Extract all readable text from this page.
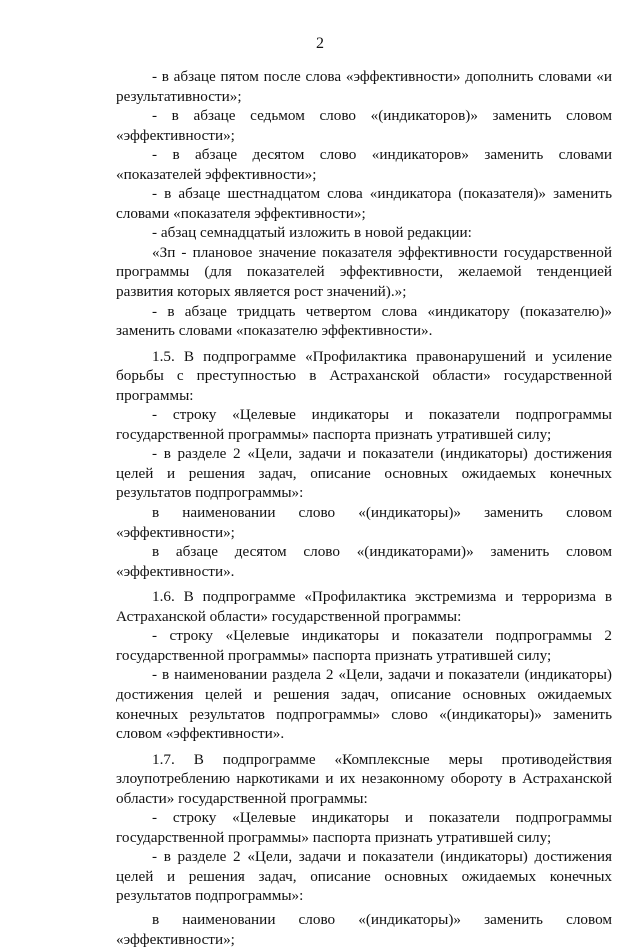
2

- в абзаце пятом после слова «эффективности» дополнить словами «и результативности»;

- в абзаце седьмом слово «(индикаторов)» заменить словом «эффективности»;

- в абзаце десятом слово «индикаторов» заменить словами «показателей эффективности»;

- в абзаце шестнадцатом слова «индикатора (показателя)» заменить словами «показателя эффективности»;

- абзац семнадцатый изложить в новой редакции:

«Зп - плановое значение показателя эффективности государственной программы (для показателей эффективности, желаемой тенденцией развития которых является рост значений).»;

- в абзаце тридцать четвертом слова «индикатору (показателю)» заменить словами «показателю эффективности».

1.5. В подпрограмме «Профилактика правонарушений и усиление борьбы с преступностью в Астраханской области» государственной программы:

- строку «Целевые индикаторы и показатели подпрограммы государственной программы» паспорта признать утратившей силу;

- в разделе 2 «Цели, задачи и показатели (индикаторы) достижения целей и решения задач, описание основных ожидаемых конечных результатов подпрограммы»:

в наименовании слово «(индикаторы)» заменить словом «эффективности»;

в абзаце десятом слово «(индикаторами)» заменить словом «эффективности».

1.6. В подпрограмме «Профилактика экстремизма и терроризма в Астраханской области» государственной программы:

- строку «Целевые индикаторы и показатели подпрограммы 2 государственной программы» паспорта признать утратившей силу;

- в наименовании раздела 2 «Цели, задачи и показатели (индикаторы) достижения целей и решения задач, описание основных ожидаемых конечных результатов подпрограммы» слово «(индикаторы)» заменить словом «эффективности».

1.7. В подпрограмме «Комплексные меры противодействия злоупотреблению наркотиками и их незаконному обороту в Астраханской области» государственной программы:

- строку «Целевые индикаторы и показатели подпрограммы государственной программы» паспорта признать утратившей силу;

- в разделе 2 «Цели, задачи и показатели (индикаторы) достижения целей и решения задач, описание основных ожидаемых конечных результатов подпрограммы»:

в наименовании слово «(индикаторы)» заменить словом «эффективности»;
